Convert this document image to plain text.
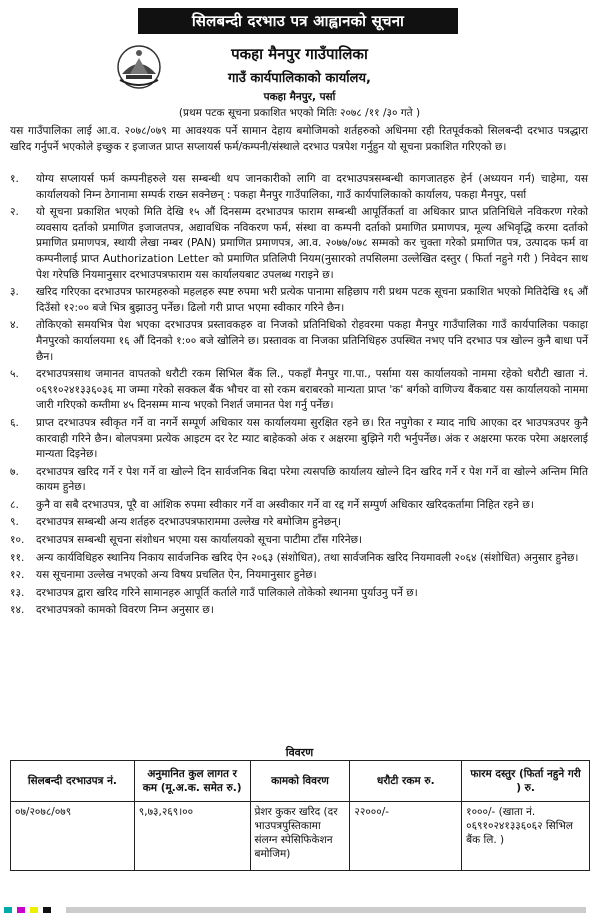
सिलबन्दी दरभाउ पत्र आह्वानको सूचना
पकहा मैनपुर गाउँपालिका
गाउँ कार्यपालिकाको कार्यालय,
पकहा मैनपुर, पर्सा
(प्रथम पटक सूचना प्रकाशित भएको मितिः २०७८ /११ /३० गते )
यस गाउँपालिका लाई आ.व. २०७८/०७९ मा आवश्यक पर्ने सामान देहाय बमोजिमको शर्तहरुको अधिनमा रही रितपूर्वकको सिलबन्दी दरभाउ पत्रद्धारा खरिद गर्नुपर्ने भएकोले इच्छुक र इजाजत प्राप्त सप्लायर्स फर्म/कम्पनी/संस्थाले दरभाउ पत्रपेश गर्नुहुन यो सूचना प्रकाशित गरिएको छ।
१.	योग्य सप्लायर्स फर्म कम्पनीहरुले यस सम्बन्धी थप जानकारीको लागि वा दरभाउपत्रसम्बन्धी कागजातहरु हेर्न (अध्ययन गर्न) चाहेमा, यस कार्यालयको निम्न ठेगानामा सम्पर्क राख्न सक्नेछन् : पकहा मैनपुर गाउँपालिका, गाउँ कार्यपालिकाको कार्यालय, पकहा मैनपुर, पर्सा
२.	यो सूचना प्रकाशित भएको मिति देखि १५ औं दिनसम्म दरभाउपत्र फाराम सम्बन्धी आपूर्तिकर्ता वा अधिकार प्राप्त प्रतिनिधिले नविकरण गरेको व्यवसाय दर्ताको प्रमाणित इजाजतपत्र, अद्यावधिक नविकरण फर्म, संस्था वा कम्पनी दर्ताको प्रमाणित प्रमाणपत्र, मूल्य अभिवृद्धि करमा दर्ताको प्रमाणित प्रमाणपत्र, स्थायी लेखा नम्बर (PAN) प्रमाणित प्रमाणपत्र, आ.व. २०७७/०७८ सम्मको कर चुक्ता गरेको प्रमाणित पत्र, उत्पादक फर्म वा कम्पनीलाई प्राप्त Authorization Letter को प्रमाणित प्रतिलिपी नियम(नुसारको तपसिलमा उल्लेखित दस्तुर ( फिर्ता नहुने गरी ) निवेदन साथ पेश गरेपछि नियमानुसार दरभाउपत्रफाराम यस कार्यालयबाट उपलब्ध गराइने छ।
३.	खरिद गरिएका दरभाउपत्र फारमहरुको महलहरु स्पष्ट रुपमा भरी प्रत्येक पानामा सहिछाप गरी प्रथम पटक सूचना प्रकाशित भएको मितिदेखि १६ औं दिउँसो १२:०० बजे भित्र बुझाउनु पर्नेछ। ढिलो गरी प्राप्त भएमा स्वीकार गरिने छैन।
४.	तोकिएको समयभित्र पेश भएका दरभाउपत्र प्रस्तावकहरु वा निजको प्रतिनिधिको रोहवरमा पकहा मैनपुर गाउँपालिका गाउँ कार्यपालिका पकाहा मैनपुरको कार्यालयमा १६ औं दिनको १:०० बजे खोलिने छ। प्रस्तावक वा निजका प्रतिनिधिहरु उपस्थित नभए पनि दरभाउ पत्र खोल्न कुनै बाधा पर्ने छैन।
५.	दरभाउपत्रसाथ जमानत वापतको धरौटी रकम सिभिल बैंक लि., पकहाँ मैनपुर गा.पा., पर्सामा यस कार्यालयको नाममा रहेको धरौटी खाता नं. ०६९१०२४१३३६०३६ मा जम्मा गरेको सक्कल बैंक भौचर वा सो रकम बराबरको मान्यता प्राप्त 'क' बर्गको वाणिज्य बैंकबाट यस कार्यालयको नाममा जारी गरिएको कम्तीमा ४५ दिनसम्म मान्य भएको निशर्त जमानत पेश गर्नु पर्नेछ।
६.	प्राप्त दरभाउपत्र स्वीकृत गर्ने वा नगर्ने सम्पूर्ण अधिकार यस कार्यालयमा सुरक्षित रहने छ। रित नपुगेका र म्याद नाघि आएका दर भाउपत्रउपर कुनै कारवाही गरिने छैन। बोलपत्रमा प्रत्येक आइटम दर रेट म्याट बाहेकको अंक र अक्षरमा बुझिने गरी भर्नुपर्नेछ। अंक र अक्षरमा फरक परेमा अक्षरलाई मान्यता दिइनेछ।
७.	दरभाउपत्र खरिद गर्ने र पेश गर्ने वा खोल्ने दिन सार्वजनिक बिदा परेमा त्यसपछि कार्यालय खोल्ने दिन खरिद गर्ने र पेश गर्ने वा खोल्ने अन्तिम मिति कायम हुनेछ।
८.	कुनै वा सबै दरभाउपत्र, पूरै वा आंशिक रुपमा स्वीकार गर्ने वा अस्वीकार गर्ने वा रद्द गर्ने सम्पुर्ण अधिकार खरिदकर्तामा निहित रहने छ।
९.	दरभाउपत्र सम्बन्धी अन्य शर्तहरु दरभाउपत्रफाराममा उल्लेख गरे बमोजिम हुनेछन्।
१०.	दरभाउपत्र सम्बन्धी सूचना संशोधन भएमा यस कार्यालयको सूचना पाटीमा टाँस गरिनेछ।
११.	अन्य कार्यविधिहरु स्थानिय निकाय सार्वजनिक खरिद ऐन २०६३ (संशोधित), तथा सार्वजनिक खरिद नियमावली २०६४ (संशोधित) अनुसार हुनेछ।
१२.	यस सूचनामा उल्लेख नभएको अन्य विषय प्रचलित ऐन, नियमानुसार हुनेछ।
१३.	दरभाउपत्र द्वारा खरिद गरिने सामानहरु आपूर्ति कर्ताले गाउँ पालिकाले तोकेको स्थानमा पुर्याउनु पर्ने छ।
१४.	दरभाउपत्रको कामको विवरण निम्न अनुसार छ।
विवरण
सिलबन्दी दरभाउपत्र नं.	अनुमानित कुल लागत र कम (मू.अ.क. समेत रु.)	कामको विवरण	धरौटी रकम रु.	फारम दस्तुर (फिर्ता नहुने गरी ) रु.
०७/२०७८/०७९	९,७३,२६९।००	प्रेशर कुकर खरिद (दर भाउपत्रपुस्तिकामा संलग्न स्पेसिफिकेशन बमोजिम)	२२०००/-	१०००/- (खाता नं. ०६९१०२४१३३६०६२ सिभिल बैंक लि. )
